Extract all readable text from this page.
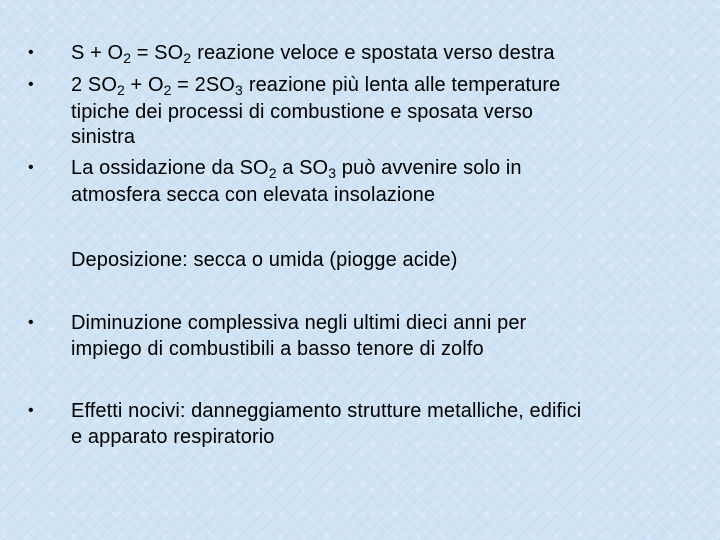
• $S + O_2 = SO_2$ reazione veloce e spostata verso destra
• 2 $SO_2 + O_2 = 2SO_3$ reazione più lenta alle temperature
tipiche dei processi di combustione e sposata verso
sinistra
• La ossidazione da $SO_2$ a $SO_3$ può avvenire solo in
atmosfera secca con elevata insolazione
Deposizione: secca o umida (piogge acide)
• Diminuzione complessiva negli ultimi dieci anni per
impiego di combustibili a basso tenore di zolfo
• Effetti nocivi: danneggiamento strutture metalliche, edifici
e apparato respiratorio
